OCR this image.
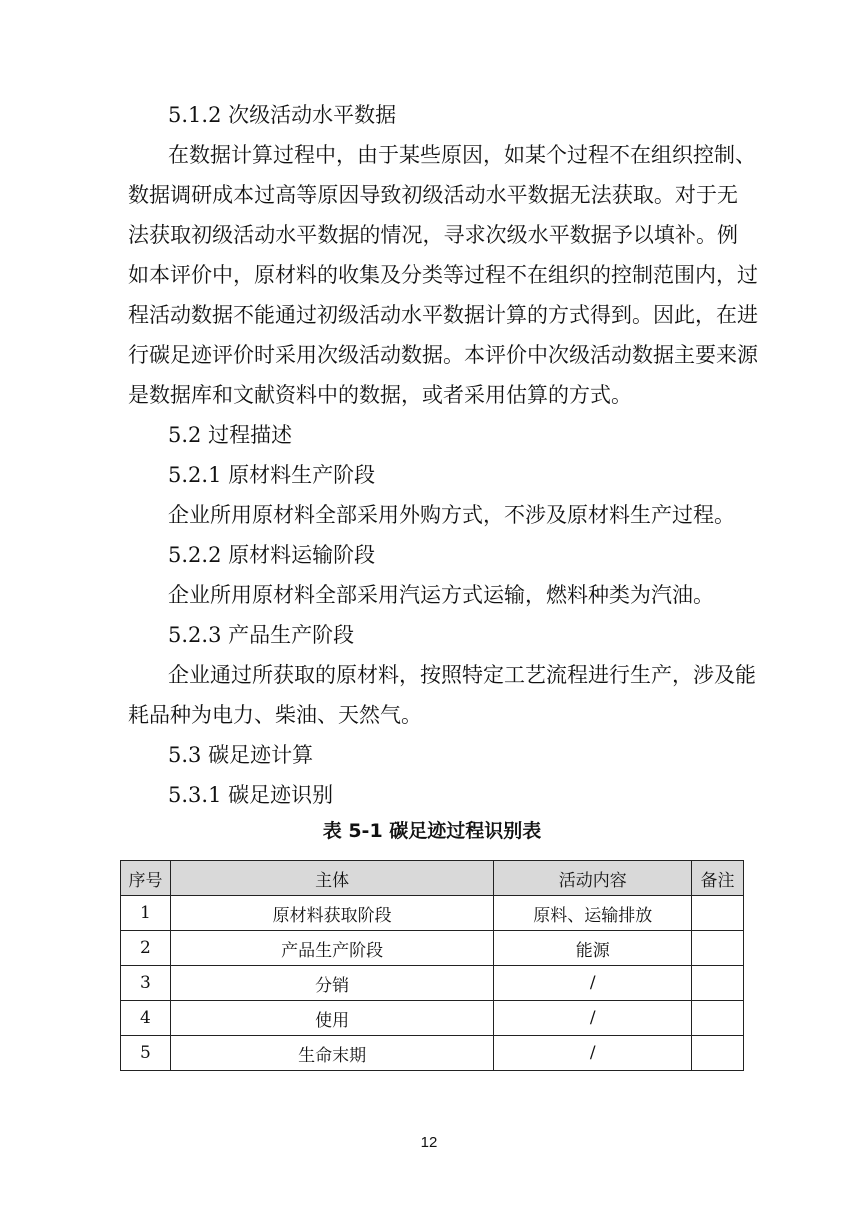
5.1.2 次级活动水平数据
在数据计算过程中，由于某些原因，如某个过程不在组织控制、
数据调研成本过高等原因导致初级活动水平数据无法获取。对于无
法获取初级活动水平数据的情况，寻求次级水平数据予以填补。例
如本评价中，原材料的收集及分类等过程不在组织的控制范围内，过
程活动数据不能通过初级活动水平数据计算的方式得到。因此，在进
行碳足迹评价时采用次级活动数据。本评价中次级活动数据主要来源
是数据库和文献资料中的数据，或者采用估算的方式。
5.2 过程描述
5.2.1 原材料生产阶段
企业所用原材料全部采用外购方式，不涉及原材料生产过程。
5.2.2 原材料运输阶段
企业所用原材料全部采用汽运方式运输，燃料种类为汽油。
5.2.3 产品生产阶段
企业通过所获取的原材料，按照特定工艺流程进行生产，涉及能
耗品种为电力、柴油、天然气。
5.3 碳足迹计算
5.3.1 碳足迹识别
表 5-1 碳足迹过程识别表
序号	主体	活动内容	备注
1	原材料获取阶段	原料、运输排放	
2	产品生产阶段	能源	
3	分销	/	
4	使用	/	
5	生命末期	/	
12
